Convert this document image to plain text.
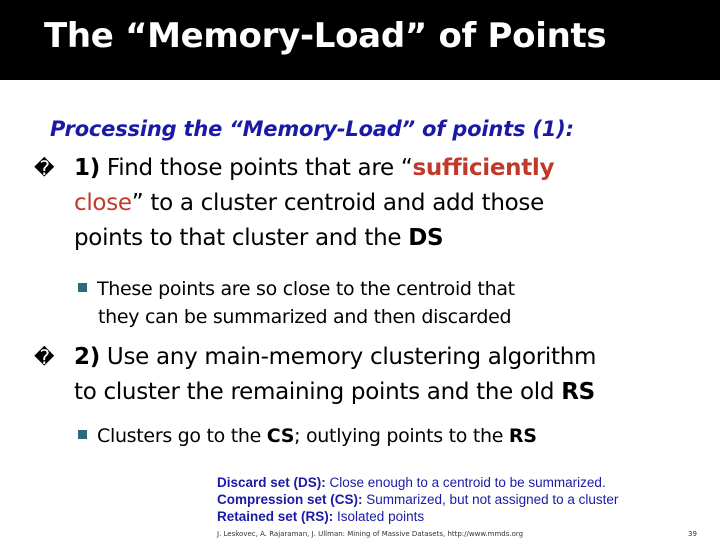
The “Memory-Load” of Points
Processing the “Memory-Load” of points (1):
� 1) Find those points that are “sufficiently
close” to a cluster centroid and add those
points to that cluster and the DS
These points are so close to the centroid that
they can be summarized and then discarded
� 2) Use any main-memory clustering algorithm
to cluster the remaining points and the old RS
Clusters go to the CS; outlying points to the RS
Discard set (DS): Close enough to a centroid to be summarized.
Compression set (CS): Summarized, but not assigned to a cluster
Retained set (RS): Isolated points
J. Leskovec, A. Rajaraman, J. Ullman: Mining of Massive Datasets, http://www.mmds.org	39
